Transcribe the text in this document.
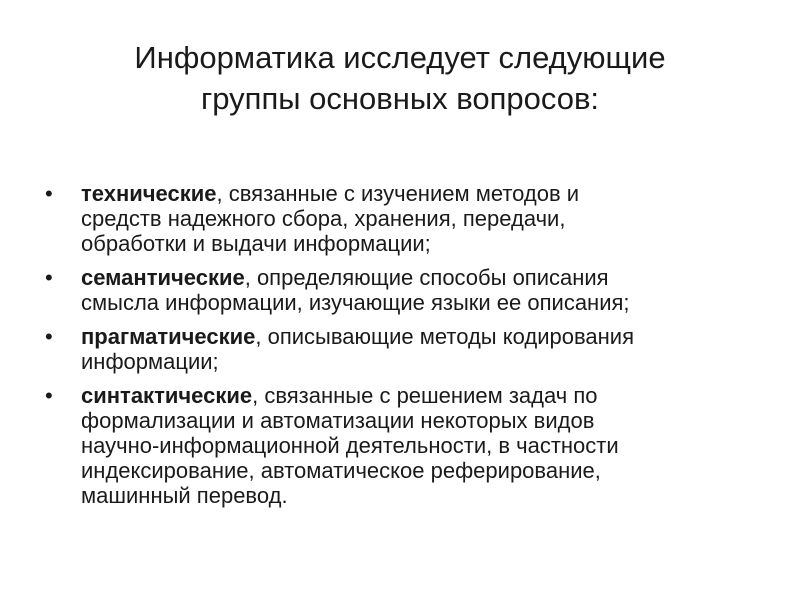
Информатика исследует следующие
группы основных вопросов:
• технические, связанные с изучением методов и
средств надежного сбора, хранения, передачи,
обработки и выдачи информации;
• семантические, определяющие способы описания
смысла информации, изучающие языки ее описания;
• прагматические, описывающие методы кодирования
информации;
• синтактические, связанные с решением задач по
формализации и автоматизации некоторых видов
научно-информационной деятельности, в частности
индексирование, автоматическое реферирование,
машинный перевод.
